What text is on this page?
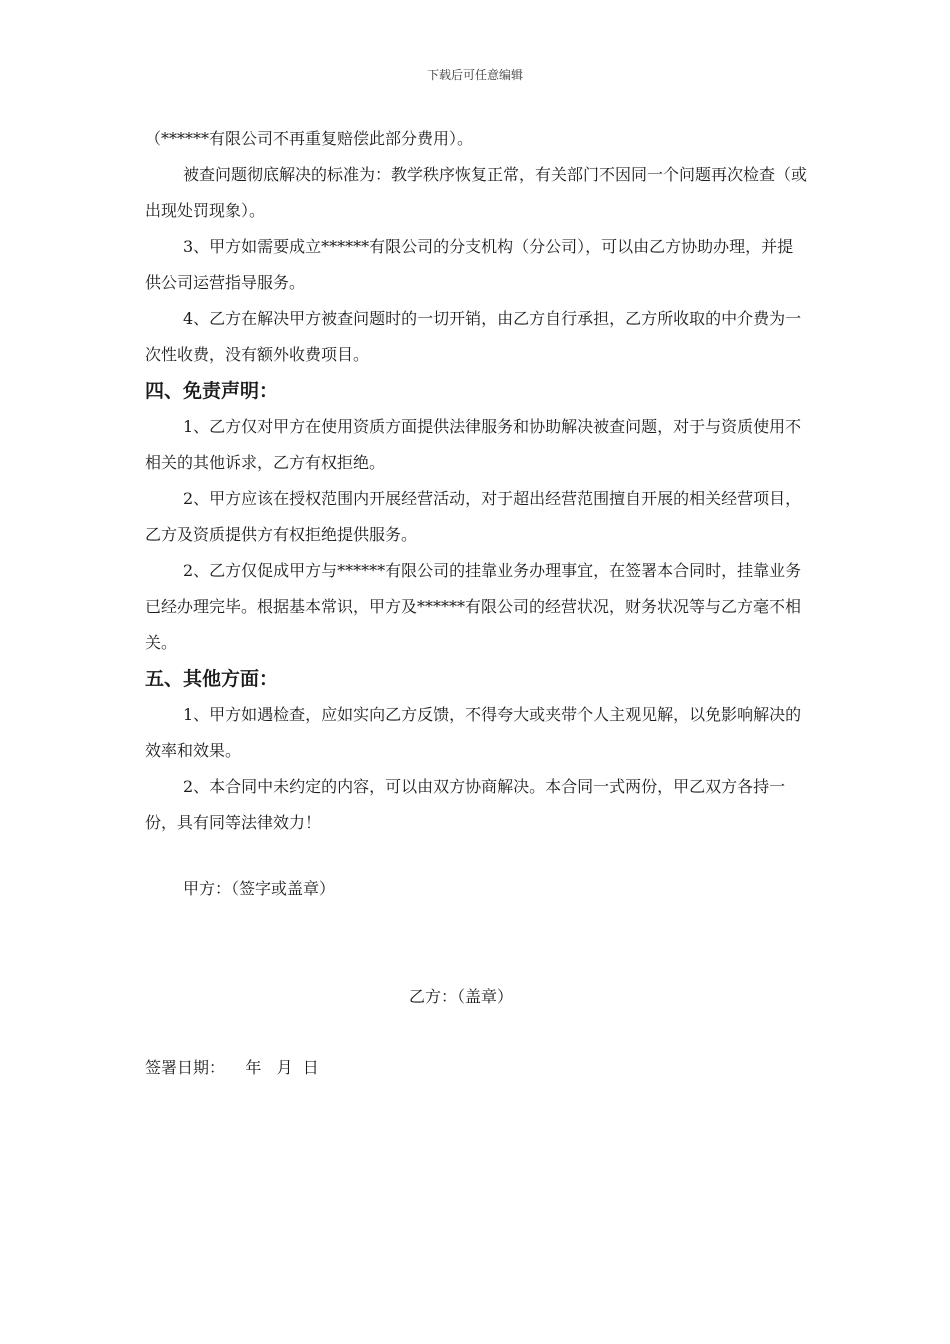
下载后可任意编辑

（******有限公司不再重复赔偿此部分费用）。

被查问题彻底解决的标准为：教学秩序恢复正常，有关部门不因同一个问题再次检查（或出现处罚现象）。

3、甲方如需要成立******有限公司的分支机构（分公司），可以由乙方协助办理，并提供公司运营指导服务。

4、乙方在解决甲方被查问题时的一切开销，由乙方自行承担，乙方所收取的中介费为一次性收费，没有额外收费项目。

四、免责声明：

1、乙方仅对甲方在使用资质方面提供法律服务和协助解决被查问题，对于与资质使用不相关的其他诉求，乙方有权拒绝。

2、甲方应该在授权范围内开展经营活动，对于超出经营范围擅自开展的相关经营项目，乙方及资质提供方有权拒绝提供服务。

2、乙方仅促成甲方与******有限公司的挂靠业务办理事宜，在签署本合同时，挂靠业务已经办理完毕。根据基本常识，甲方及******有限公司的经营状况，财务状况等与乙方毫不相关。

五、其他方面：

1、甲方如遇检查，应如实向乙方反馈，不得夸大或夹带个人主观见解，以免影响解决的效率和效果。

2、本合同中未约定的内容，可以由双方协商解决。本合同一式两份，甲乙双方各持一份，具有同等法律效力！

甲方：（签字或盖章）
乙方：（盖章）
签署日期：    年   月  日
